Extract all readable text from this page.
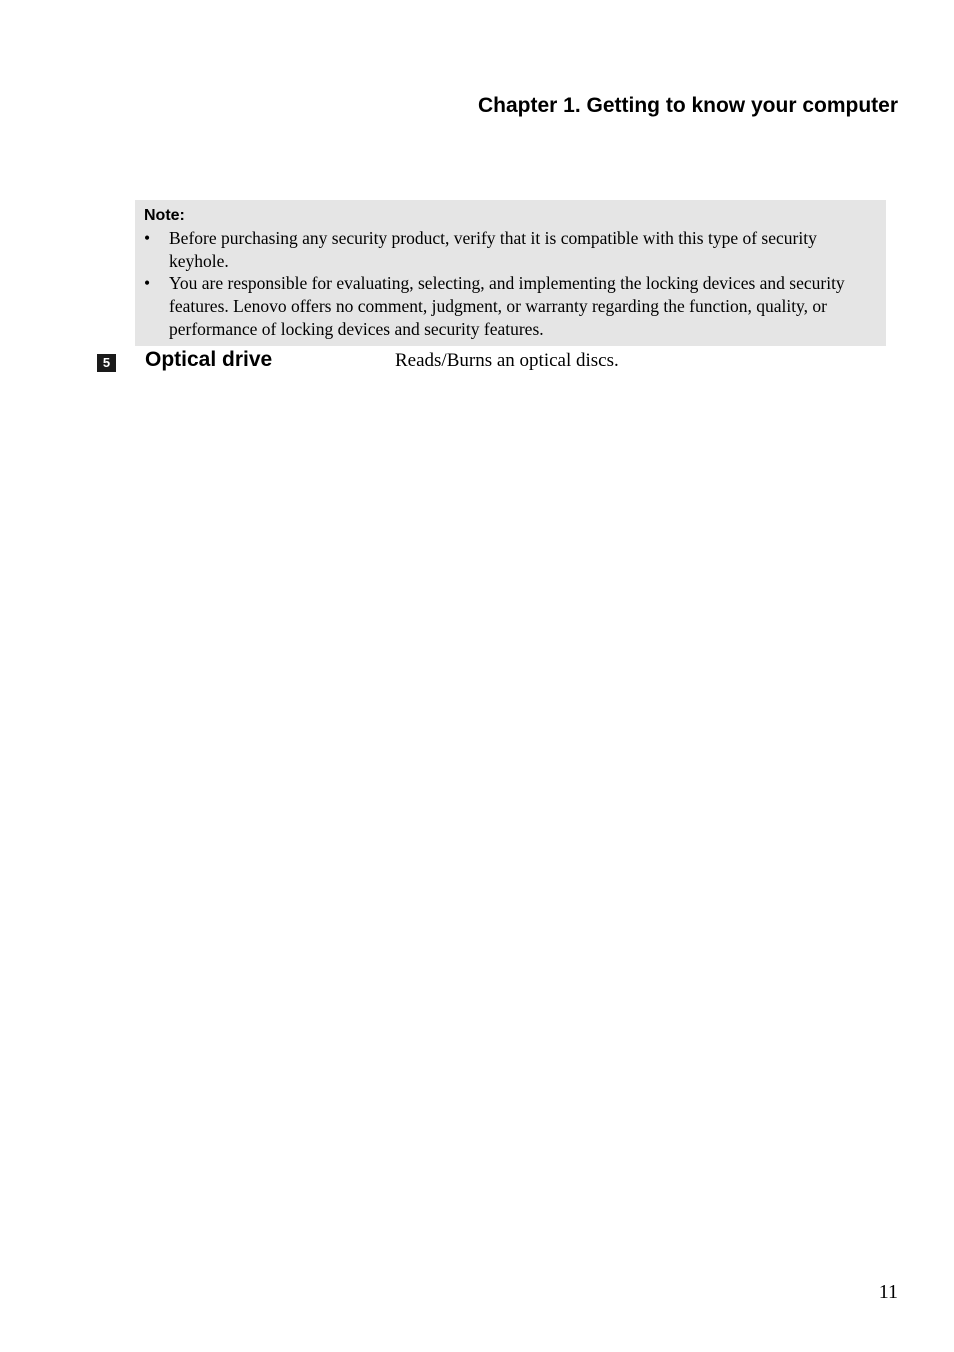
Chapter 1. Getting to know your computer
Note:
•	Before purchasing any security product, verify that it is compatible with this type of security keyhole.
•	You are responsible for evaluating, selecting, and implementing the locking devices and security features. Lenovo offers no comment, judgment, or warranty regarding the function, quality, or performance of locking devices and security features.
5 Optical drive	Reads/Burns an optical discs.
11
